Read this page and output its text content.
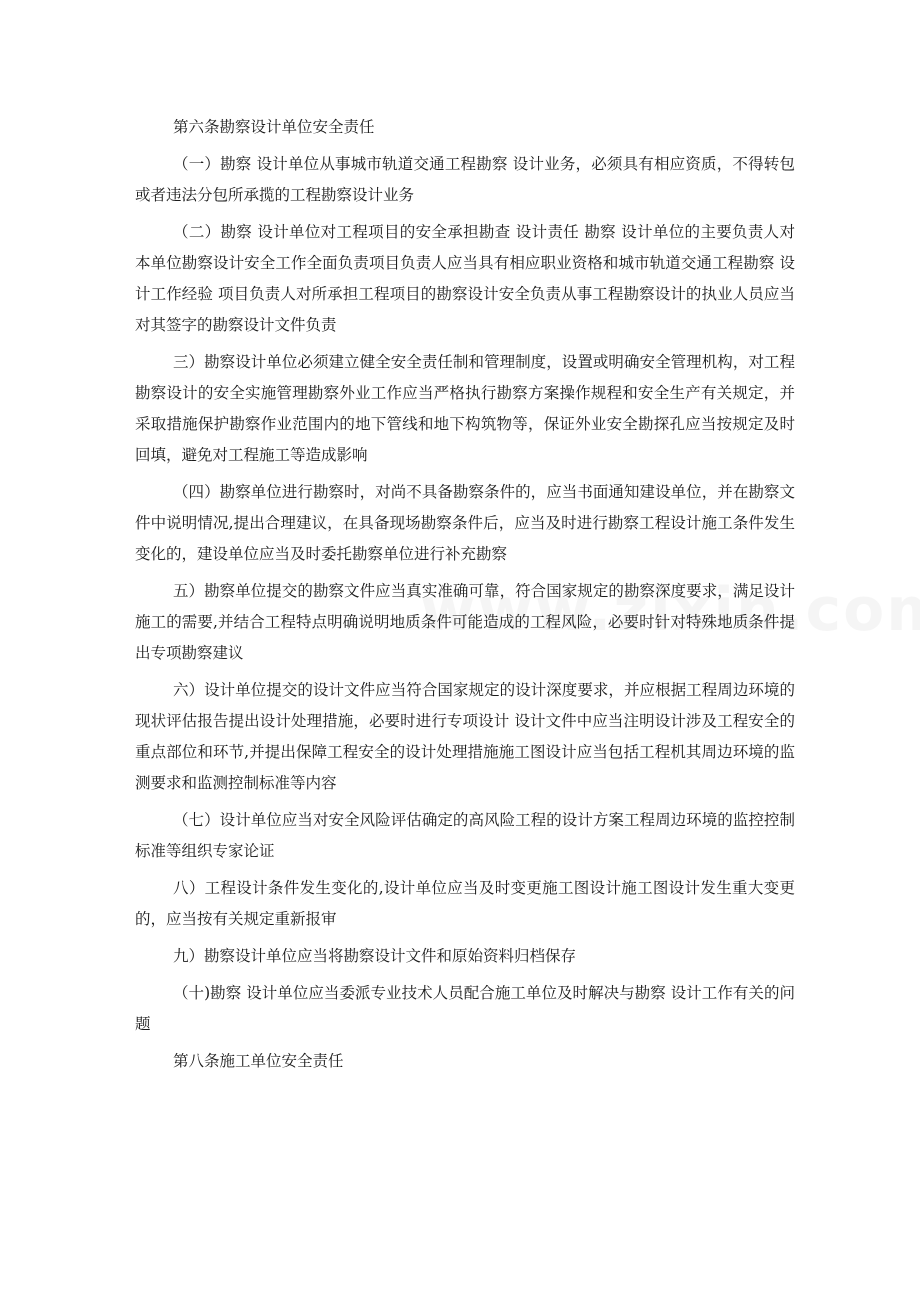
第六条勘察设计单位安全责任

（一）勘察 设计单位从事城市轨道交通工程勘察 设计业务，必须具有相应资质，不得转包或者违法分包所承揽的工程勘察设计业务

（二）勘察 设计单位对工程项目的安全承担勘查 设计责任 勘察 设计单位的主要负责人对本单位勘察设计安全工作全面负责项目负责人应当具有相应职业资格和城市轨道交通工程勘察 设计工作经验 项目负责人对所承担工程项目的勘察设计安全负责从事工程勘察设计的执业人员应当对其签字的勘察设计文件负责

三）勘察设计单位必须建立健全安全责任制和管理制度，设置或明确安全管理机构，对工程勘察设计的安全实施管理勘察外业工作应当严格执行勘察方案操作规程和安全生产有关规定，并采取措施保护勘察作业范围内的地下管线和地下构筑物等，保证外业安全勘探孔应当按规定及时回填，避免对工程施工等造成影响

（四）勘察单位进行勘察时，对尚不具备勘察条件的，应当书面通知建设单位，并在勘察文件中说明情况,提出合理建议，在具备现场勘察条件后，应当及时进行勘察工程设计施工条件发生变化的，建设单位应当及时委托勘察单位进行补充勘察

五）勘察单位提交的勘察文件应当真实准确可靠，符合国家规定的勘察深度要求，满足设计施工的需要,并结合工程特点明确说明地质条件可能造成的工程风险，必要时针对特殊地质条件提出专项勘察建议

六）设计单位提交的设计文件应当符合国家规定的设计深度要求，并应根据工程周边环境的现状评估报告提出设计处理措施，必要时进行专项设计 设计文件中应当注明设计涉及工程安全的重点部位和环节,并提出保障工程安全的设计处理措施施工图设计应当包括工程机其周边环境的监测要求和监测控制标准等内容

（七）设计单位应当对安全风险评估确定的高风险工程的设计方案工程周边环境的监控控制标准等组织专家论证

八）工程设计条件发生变化的,设计单位应当及时变更施工图设计施工图设计发生重大变更的，应当按有关规定重新报审

九）勘察设计单位应当将勘察设计文件和原始资料归档保存

（十)勘察 设计单位应当委派专业技术人员配合施工单位及时解决与勘察 设计工作有关的问题

第八条施工单位安全责任
